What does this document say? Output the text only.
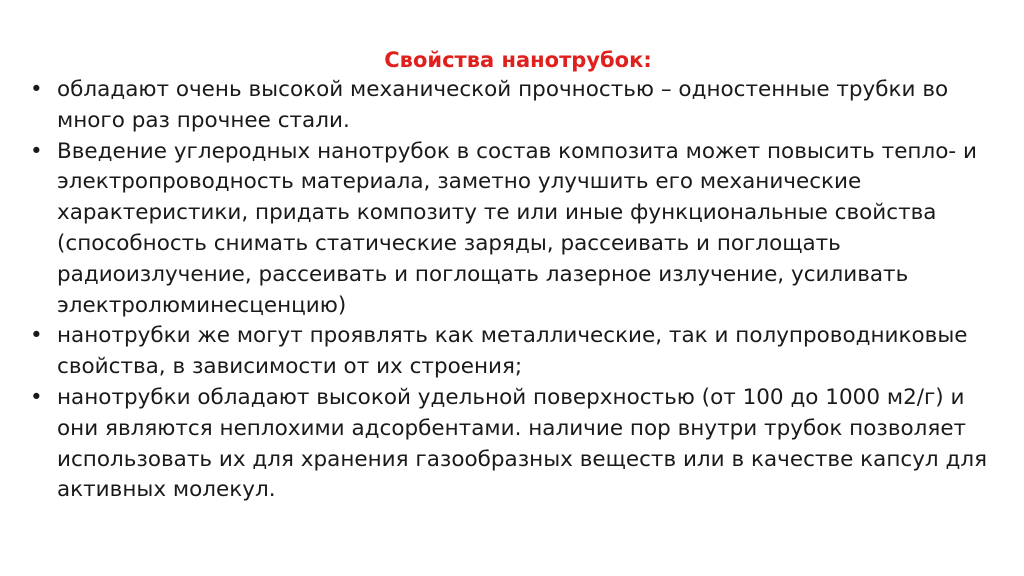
Свойства нанотрубок:
• обладают очень высокой механической прочностью – одностенные трубки во много раз прочнее стали.
• Введение углеродных нанотрубок в состав композита может повысить тепло- и электропроводность материала, заметно улучшить его механические характеристики, придать композиту те или иные функциональные свойства (способность снимать статические заряды, рассеивать и поглощать радиоизлучение, рассеивать и поглощать лазерное излучение, усиливать электролюминесценцию)
• нанотрубки же могут проявлять как металлические, так и полупроводниковые свойства, в зависимости от их строения;
• нанотрубки обладают высокой удельной поверхностью (от 100 до 1000 м2/г) и они являются неплохими адсорбентами. наличие пор внутри трубок позволяет использовать их для хранения газообразных веществ или в качестве капсул для активных молекул.
